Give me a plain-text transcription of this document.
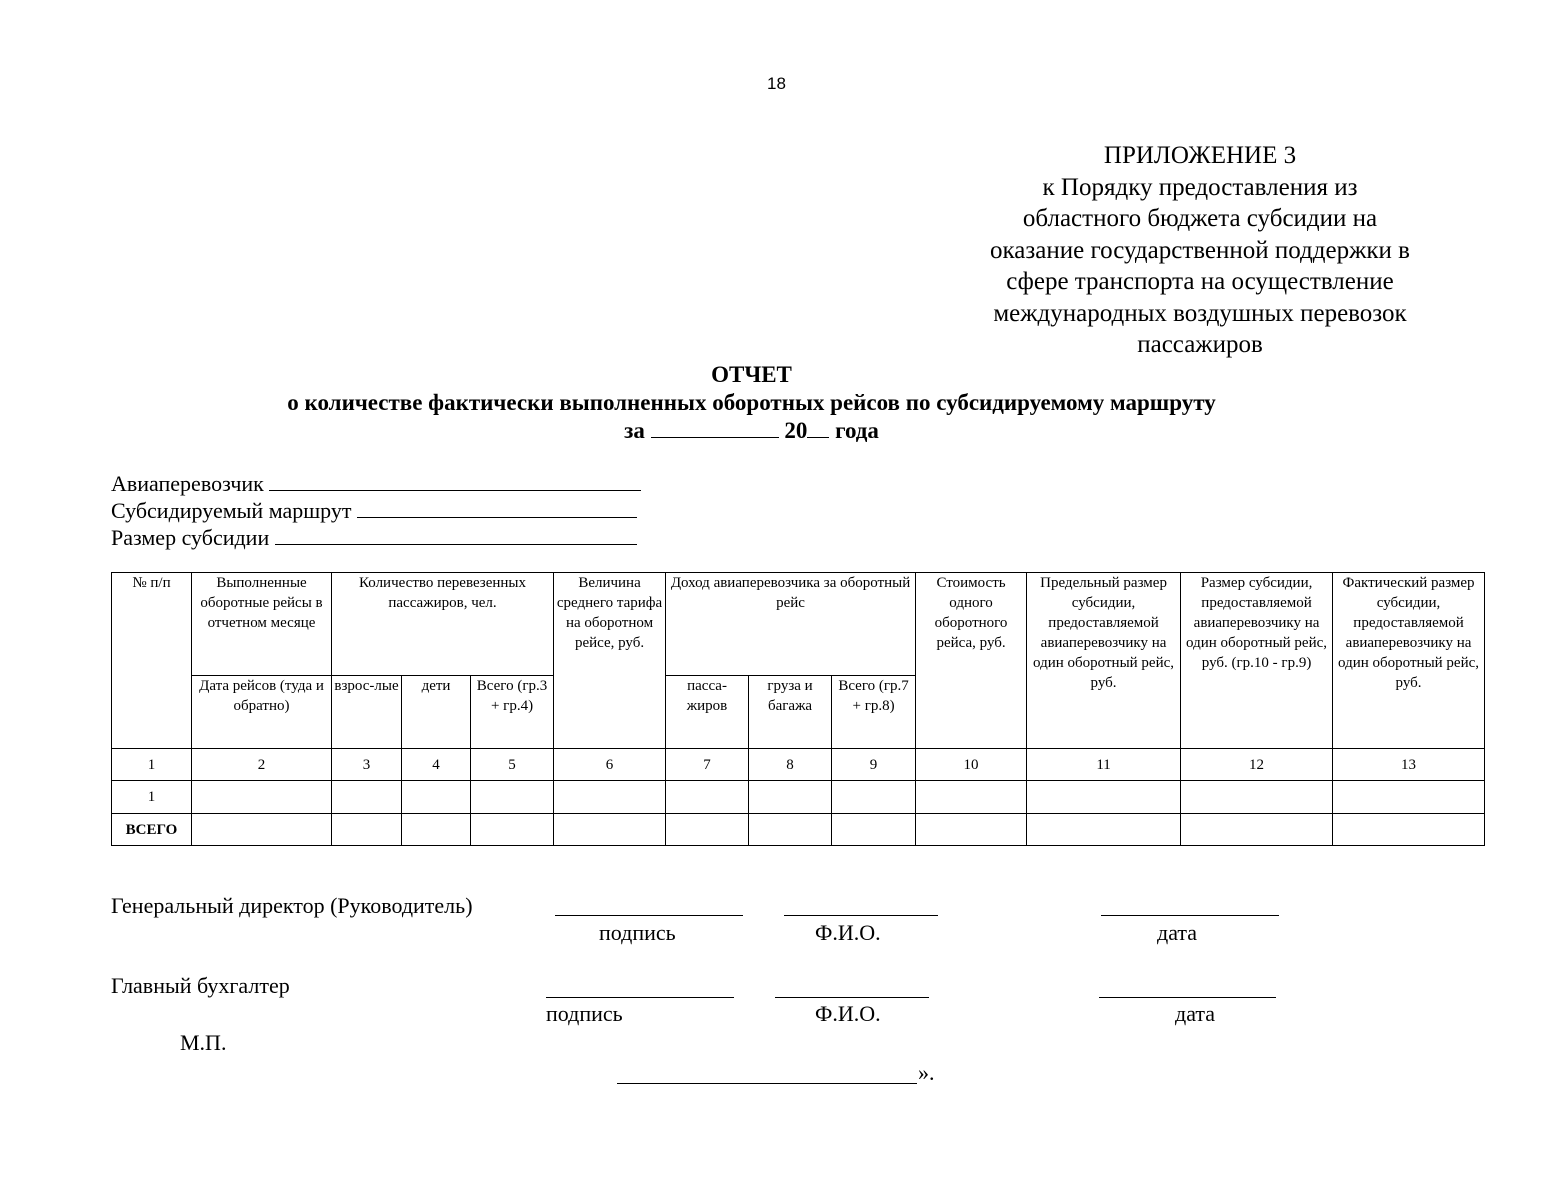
18
ПРИЛОЖЕНИЕ 3
к Порядку предоставления из
областного бюджета субсидии на
оказание государственной поддержки в
сфере транспорта на осуществление
международных воздушных перевозок
пассажиров
ОТЧЕТ
о количестве фактически выполненных оборотных рейсов по субсидируемому маршруту
за	20 года
Авиаперевозчик
Субсидируемый маршрут
Размер субсидии
№ п/п	Выполненные оборотные рейсы в отчетном месяце	Количество перевезенных пассажиров, чел.			Величина среднего тарифа на оборотном рейсе, руб.	Доход авиаперевозчика за оборотный рейс			Стоимость одного оборотного рейса, руб.	Предельный размер субсидии, предоставляемой авиаперевозчику на один оборотный рейс, руб.	Размер субсидии, предоставляемой авиаперевозчику на один оборотный рейс, руб. (гр.10 - гр.9)	Фактический размер субсидии, предоставляемой авиаперевозчику на один оборотный рейс, руб.
	Дата рейсов (туда и обратно)	взрос-лые	дети	Всего (гр.3 + гр.4)		пасса-жиров	груза и багажа	Всего (гр.7 + гр.8)				
1	2	3	4	5	6	7	8	9	10	11	12	13
1												
ВСЕГО												
Генеральный директор (Руководитель)
подпись	Ф.И.О.	дата
Главный бухгалтер
подпись	Ф.И.О.	дата
М.П.
».
